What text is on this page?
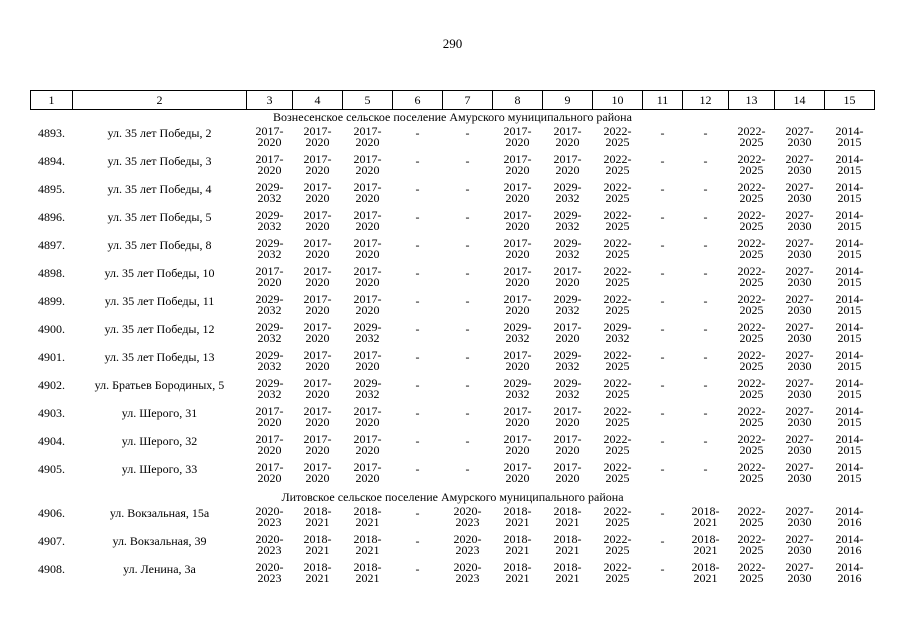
290
1	2	3	4	5	6	7	8	9	10	11	12	13	14	15
Вознесенское сельское поселение Амурского муниципального района														
4893.	ул. 35 лет Победы, 2	2017-
2020	2017-
2020	2017-
2020	-	-	2017-
2020	2017-
2020	2022-
2025	-	-	2022-
2025	2027-
2030	2014-
2015

4894.	ул. 35 лет Победы, 3	2017-
2020	2017-
2020	2017-
2020	-	-	2017-
2020	2017-
2020	2022-
2025	-	-	2022-
2025	2027-
2030	2014-
2015

4895.	ул. 35 лет Победы, 4	2029-
2032	2017-
2020	2017-
2020	-	-	2017-
2020	2029-
2032	2022-
2025	-	-	2022-
2025	2027-
2030	2014-
2015

4896.	ул. 35 лет Победы, 5	2029-
2032	2017-
2020	2017-
2020	-	-	2017-
2020	2029-
2032	2022-
2025	-	-	2022-
2025	2027-
2030	2014-
2015

4897.	ул. 35 лет Победы, 8	2029-
2032	2017-
2020	2017-
2020	-	-	2017-
2020	2029-
2032	2022-
2025	-	-	2022-
2025	2027-
2030	2014-
2015

4898.	ул. 35 лет Победы, 10	2017-
2020	2017-
2020	2017-
2020	-	-	2017-
2020	2017-
2020	2022-
2025	-	-	2022-
2025	2027-
2030	2014-
2015

4899.	ул. 35 лет Победы, 11	2029-
2032	2017-
2020	2017-
2020	-	-	2017-
2020	2029-
2032	2022-
2025	-	-	2022-
2025	2027-
2030	2014-
2015

4900.	ул. 35 лет Победы, 12	2029-
2032	2017-
2020	2029-
2032	-	-	2029-
2032	2017-
2020	2029-
2032	-	-	2022-
2025	2027-
2030	2014-
2015

4901.	ул. 35 лет Победы, 13	2029-
2032	2017-
2020	2017-
2020	-	-	2017-
2020	2029-
2032	2022-
2025	-	-	2022-
2025	2027-
2030	2014-
2015

4902.	ул. Братьев Бородиных, 5	2029-
2032	2017-
2020	2029-
2032	-	-	2029-
2032	2029-
2032	2022-
2025	-	-	2022-
2025	2027-
2030	2014-
2015

4903.	ул. Шерого, 31	2017-
2020	2017-
2020	2017-
2020	-	-	2017-
2020	2017-
2020	2022-
2025	-	-	2022-
2025	2027-
2030	2014-
2015

4904.	ул. Шерого, 32	2017-
2020	2017-
2020	2017-
2020	-	-	2017-
2020	2017-
2020	2022-
2025	-	-	2022-
2025	2027-
2030	2014-
2015

4905.	ул. Шерого, 33	2017-
2020	2017-
2020	2017-
2020	-	-	2017-
2020	2017-
2020	2022-
2025	-	-	2022-
2025	2027-
2030	2014-
2015

Литовское сельское поселение Амурского муниципального района														
4906.	ул. Вокзальная, 15а	2020-
2023	2018-
2021	2018-
2021	-	2020-
2023	2018-
2021	2018-
2021	2022-
2025	-	2018-
2021	2022-
2025	2027-
2030	2014-
2016

4907.	ул. Вокзальная, 39	2020-
2023	2018-
2021	2018-
2021	-	2020-
2023	2018-
2021	2018-
2021	2022-
2025	-	2018-
2021	2022-
2025	2027-
2030	2014-
2016

4908.	ул. Ленина, 3а	2020-
2023	2018-
2021	2018-
2021	-	2020-
2023	2018-
2021	2018-
2021	2022-
2025	-	2018-
2021	2022-
2025	2027-
2030	2014-
2016
